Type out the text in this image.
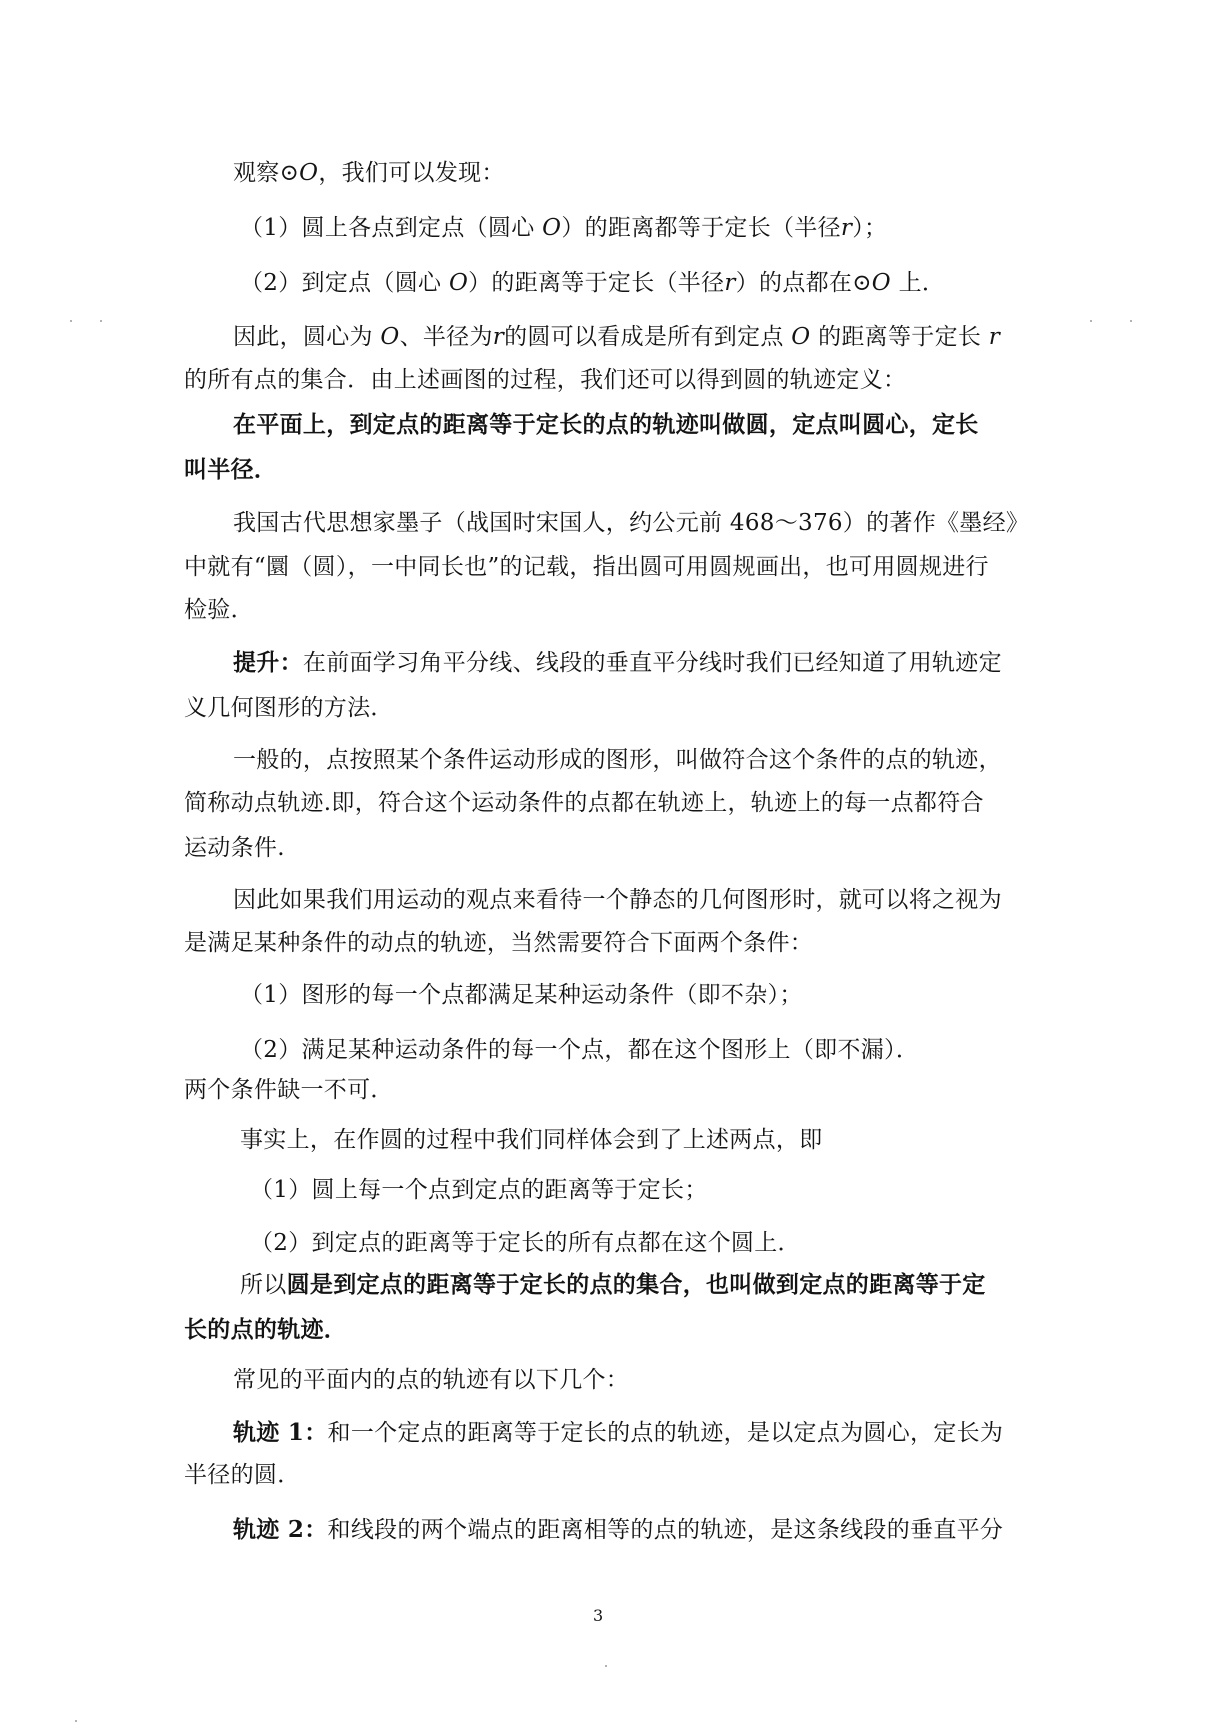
观察⊙O，我们可以发现：
（1）圆上各点到定点（圆心 O）的距离都等于定长（半径r）；
（2）到定点（圆心 O）的距离等于定长（半径r）的点都在⊙O 上．
因此，圆心为 O、半径为r的圆可以看成是所有到定点 O 的距离等于定长 r
的所有点的集合．由上述画图的过程，我们还可以得到圆的轨迹定义：
在平面上，到定点的距离等于定长的点的轨迹叫做圆，定点叫圆心，定长
叫半径．
我国古代思想家墨子（战国时宋国人，约公元前 468～376）的著作《墨经》
中就有“圜（圆），一中同长也”的记载，指出圆可用圆规画出，也可用圆规进行
检验．
提升：在前面学习角平分线、线段的垂直平分线时我们已经知道了用轨迹定
义几何图形的方法．
一般的，点按照某个条件运动形成的图形，叫做符合这个条件的点的轨迹，
简称动点轨迹.即，符合这个运动条件的点都在轨迹上，轨迹上的每一点都符合
运动条件.
因此如果我们用运动的观点来看待一个静态的几何图形时，就可以将之视为
是满足某种条件的动点的轨迹，当然需要符合下面两个条件：
（1）图形的每一个点都满足某种运动条件（即不杂）；
（2）满足某种运动条件的每一个点，都在这个图形上（即不漏）．
两个条件缺一不可．
事实上，在作圆的过程中我们同样体会到了上述两点，即
（1）圆上每一个点到定点的距离等于定长；
（2）到定点的距离等于定长的所有点都在这个圆上．
所以圆是到定点的距离等于定长的点的集合，也叫做到定点的距离等于定
长的点的轨迹．
常见的平面内的点的轨迹有以下几个：
轨迹 1：和一个定点的距离等于定长的点的轨迹，是以定点为圆心，定长为
半径的圆．
轨迹 2：和线段的两个端点的距离相等的点的轨迹，是这条线段的垂直平分
3
